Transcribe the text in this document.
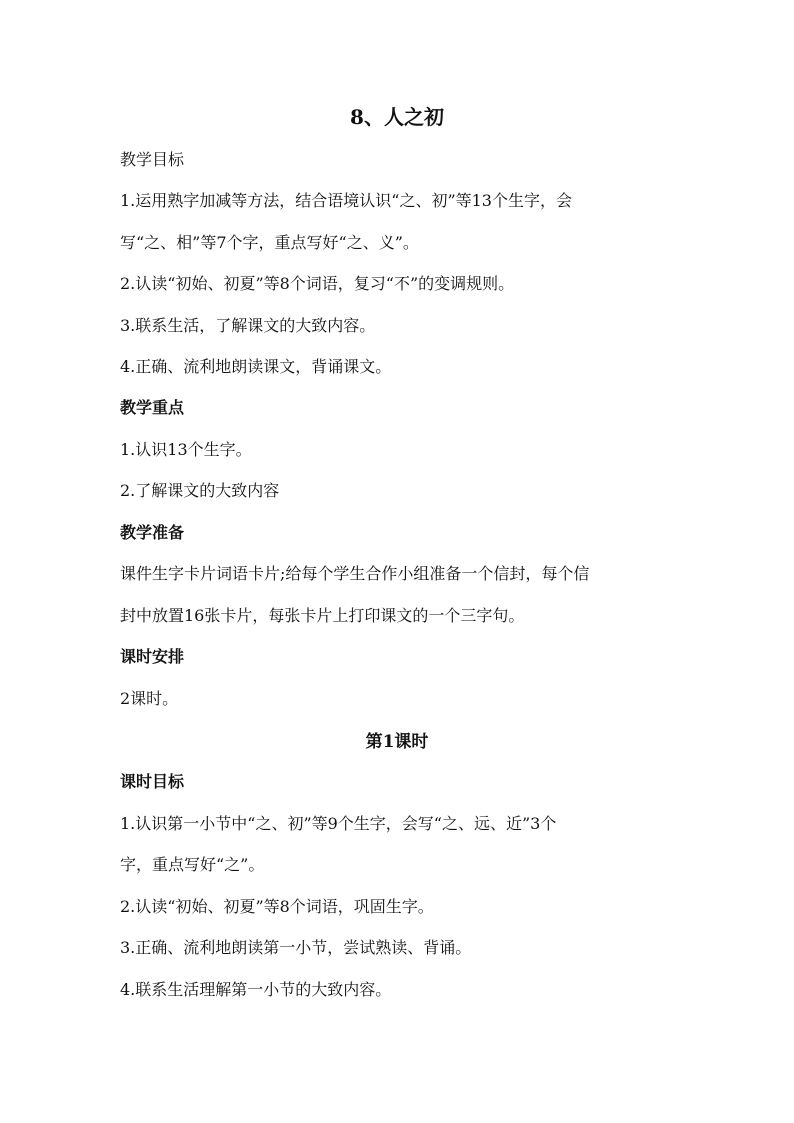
8、人之初
教学目标
1.运用熟字加减等方法，结合语境认识“之、初”等13个生字，会
写“之、相”等7个字，重点写好“之、义”。
2.认读“初始、初夏”等8个词语，复习“不”的变调规则。
3.联系生活，了解课文的大致内容。
4.正确、流利地朗读课文，背诵课文。
教学重点
1.认识13个生字。
2.了解课文的大致内容
教学准备
课件生字卡片词语卡片;给每个学生合作小组准备一个信封，每个信
封中放置16张卡片，每张卡片上打印课文的一个三字句。
课时安排
2课时。
第1课时
课时目标
1.认识第一小节中“之、初”等9个生字，会写“之、远、近”3个
字，重点写好“之”。
2.认读“初始、初夏”等8个词语，巩固生字。
3.正确、流利地朗读第一小节，尝试熟读、背诵。
4.联系生活理解第一小节的大致内容。
